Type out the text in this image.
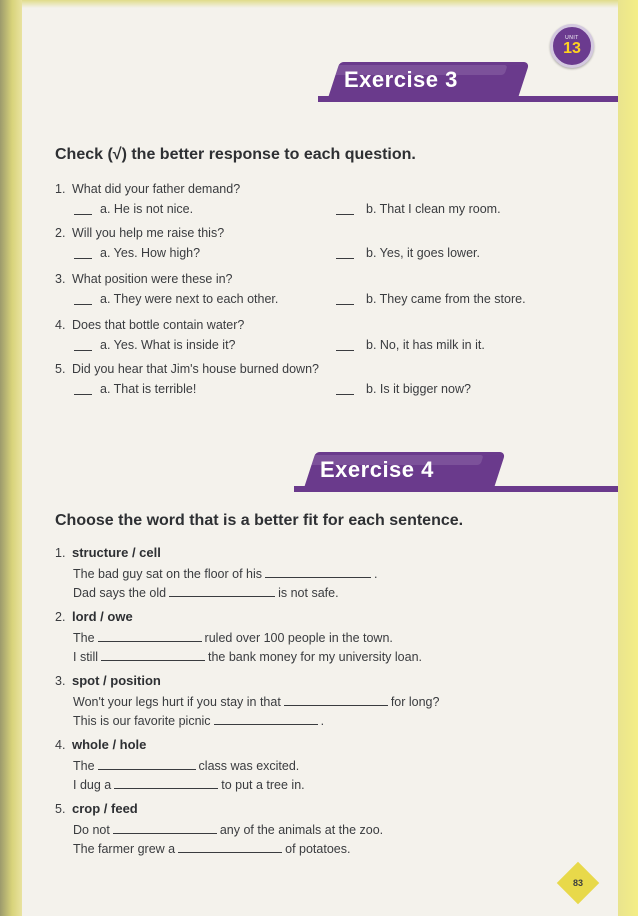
UNIT
13
Exercise 3
Check (√) the better response to each question.
1. What did your father demand?
a. He is not nice.	b. That I clean my room.
2. Will you help me raise this?
a. Yes. How high?	b. Yes, it goes lower.
3. What position were these in?
a. They were next to each other.	b. They came from the store.
4. Does that bottle contain water?
a. Yes. What is inside it?	b. No, it has milk in it.
5. Did you hear that Jim's house burned down?
a. That is terrible!	b. Is it bigger now?
Exercise 4
Choose the word that is a better fit for each sentence.
1. structure / cell
The bad guy sat on the floor of his	.
Dad says the old	is not safe.
2. lord / owe
The	ruled over 100 people in the town.
I still	the bank money for my university loan.
3. spot / position
Won't your legs hurt if you stay in that	for long?
This is our favorite picnic	.
4. whole / hole
The	class was excited.
I dug a	to put a tree in.
5. crop / feed
Do not	any of the animals at the zoo.
The farmer grew a	of potatoes.
83
